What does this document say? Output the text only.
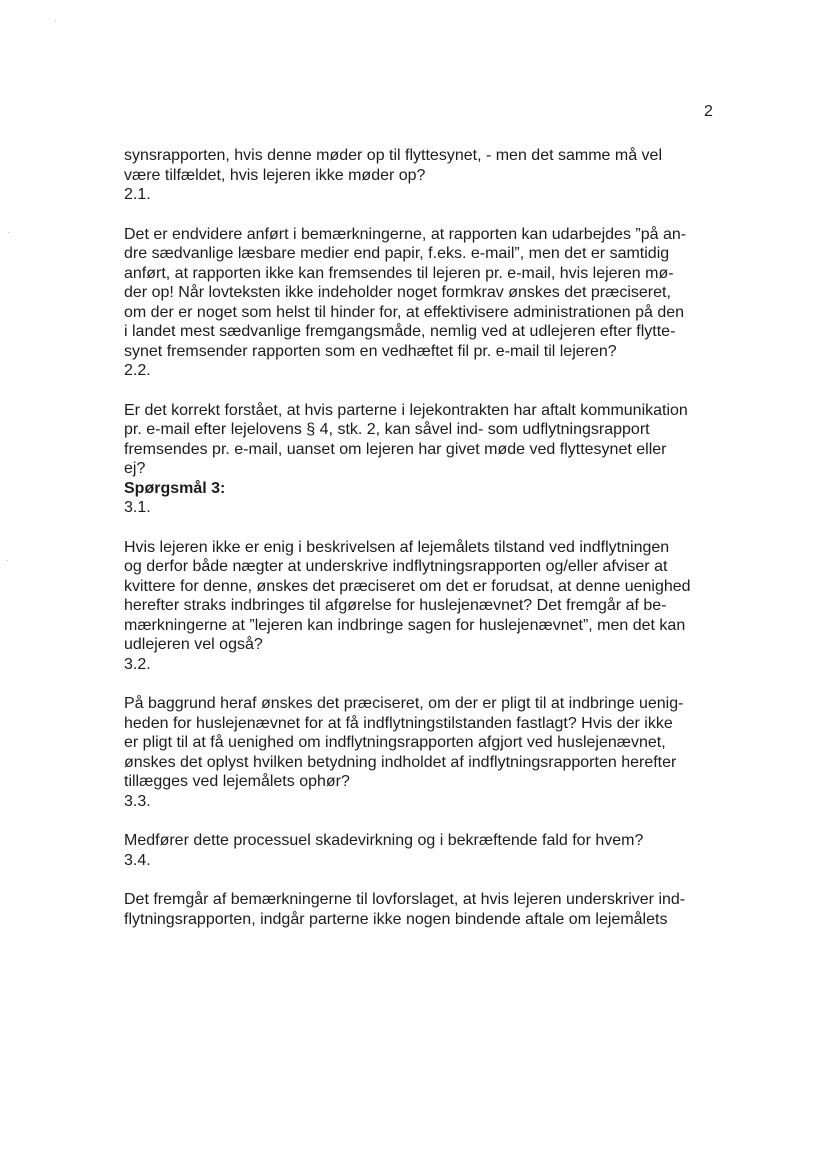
2

synsrapporten, hvis denne møder op til flyttesynet, - men det samme må vel
være tilfældet, hvis lejeren ikke møder op?

2.1.

Det er endvidere anført i bemærkningerne, at rapporten kan udarbejdes ”på an-
dre sædvanlige læsbare medier end papir, f.eks. e-mail”, men det er samtidig
anført, at rapporten ikke kan fremsendes til lejeren pr. e-mail, hvis lejeren mø-
der op! Når lovteksten ikke indeholder noget formkrav ønskes det præciseret,
om der er noget som helst til hinder for, at effektivisere administrationen på den
i landet mest sædvanlige fremgangsmåde, nemlig ved at udlejeren efter flytte-
synet fremsender rapporten som en vedhæftet fil pr. e-mail til lejeren?

2.2.

Er det korrekt forstået, at hvis parterne i lejekontrakten har aftalt kommunikation
pr. e-mail efter lejelovens § 4, stk. 2, kan såvel ind- som udflytningsrapport
fremsendes pr. e-mail, uanset om lejeren har givet møde ved flyttesynet eller
ej?

Spørgsmål 3:

3.1.

Hvis lejeren ikke er enig i beskrivelsen af lejemålets tilstand ved indflytningen
og derfor både nægter at underskrive indflytningsrapporten og/eller afviser at
kvittere for denne, ønskes det præciseret om det er forudsat, at denne uenighed
herefter straks indbringes til afgørelse for huslejenævnet? Det fremgår af be-
mærkningerne at ”lejeren kan indbringe sagen for huslejenævnet”, men det kan
udlejeren vel også?

3.2.

På baggrund heraf ønskes det præciseret, om der er pligt til at indbringe uenig-
heden for huslejenævnet for at få indflytningstilstanden fastlagt? Hvis der ikke
er pligt til at få uenighed om indflytningsrapporten afgjort ved huslejenævnet,
ønskes det oplyst hvilken betydning indholdet af indflytningsrapporten herefter
tillægges ved lejemålets ophør?

3.3.

Medfører dette processuel skadevirkning og i bekræftende fald for hvem?

3.4.

Det fremgår af bemærkningerne til lovforslaget, at hvis lejeren underskriver ind-
flytningsrapporten, indgår parterne ikke nogen bindende aftale om lejemålets
